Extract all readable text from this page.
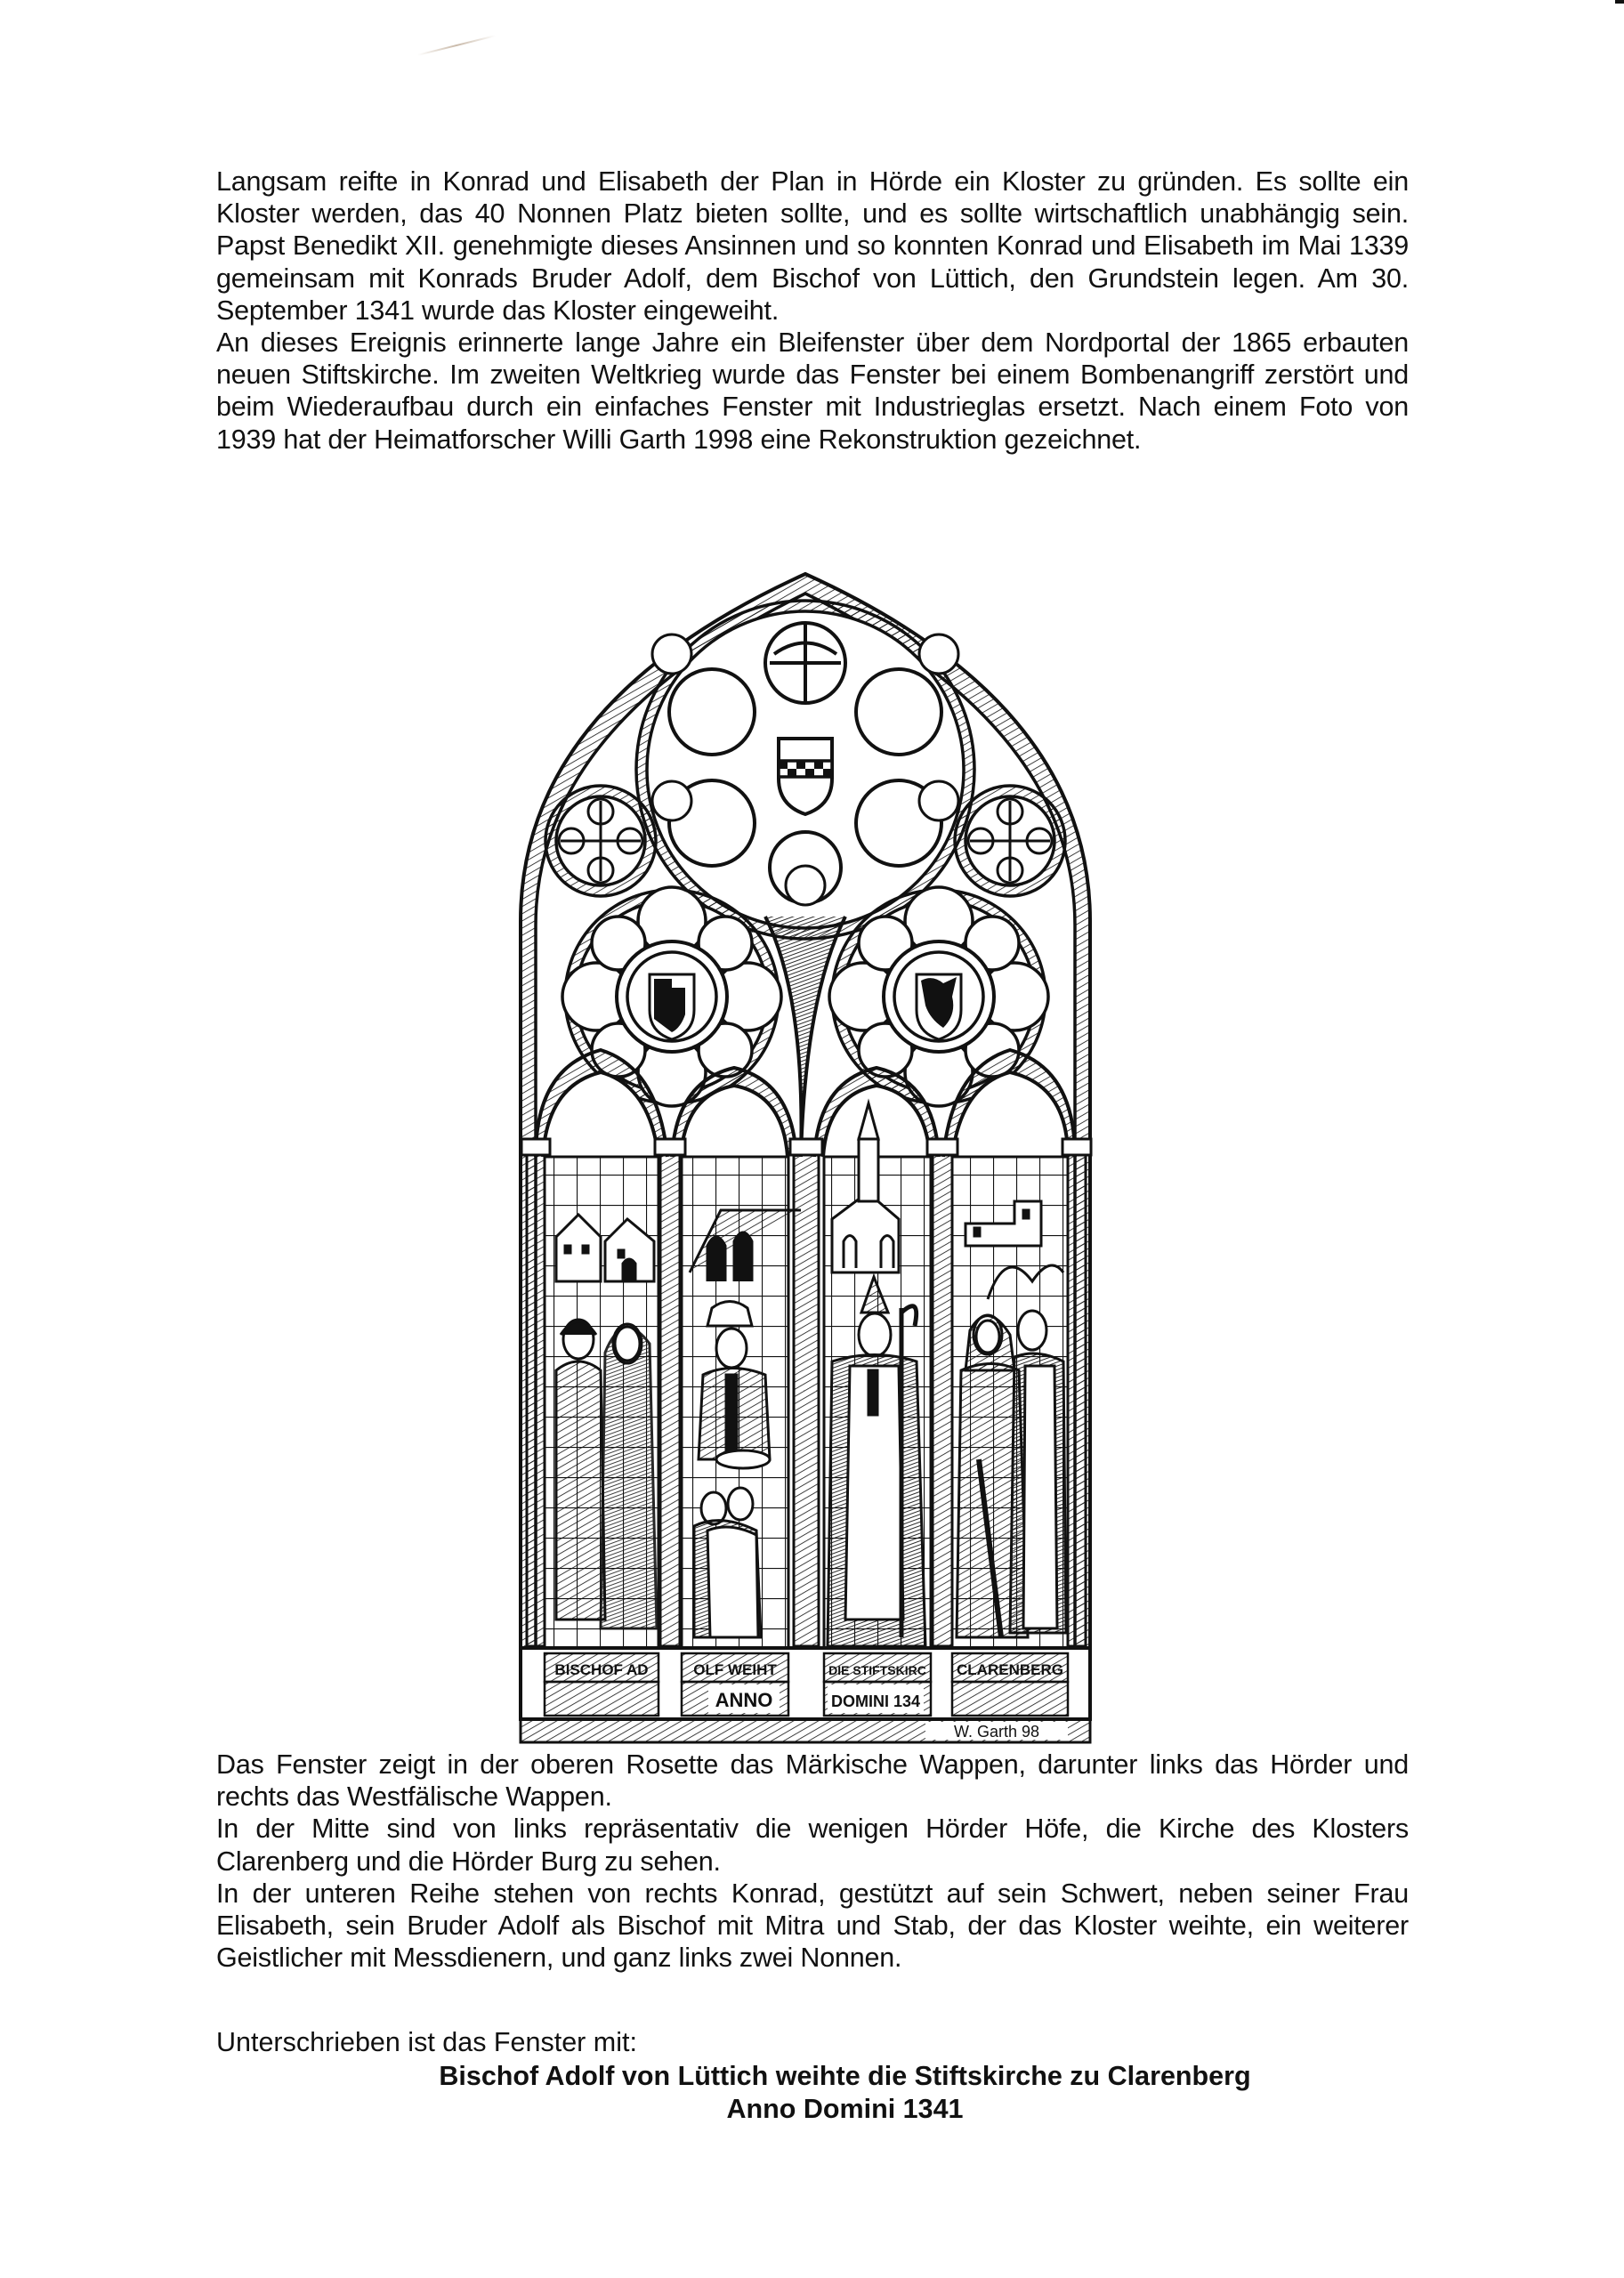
Langsam reifte in Konrad und Elisabeth der Plan in Hörde ein Kloster zu gründen. Es sollte ein Kloster werden, das 40 Nonnen Platz bieten sollte, und es sollte wirtschaftlich unabhängig sein. Papst Benedikt XII. genehmigte dieses Ansinnen und so konnten Konrad und Elisabeth im Mai 1339 gemeinsam mit Konrads Bruder Adolf, dem Bischof von Lüttich, den Grundstein legen. Am 30. September 1341 wurde das Kloster eingeweiht.

An dieses Ereignis erinnerte lange Jahre ein Bleifenster über dem Nordportal der 1865 erbauten neuen Stiftskirche. Im zweiten Weltkrieg wurde das Fenster bei einem Bombenangriff zerstört und beim Wiederaufbau durch ein einfaches Fenster mit Industrieglas ersetzt. Nach einem Foto von 1939 hat der Heimatforscher Willi Garth 1998 eine Rekonstruktion gezeichnet.

BISCHOF AD	OLF WEIHT	DIE STIFTSKIRC CLARENBERG
ANNO	DOMINI 134
W. Garth 98

Das Fenster zeigt in der oberen Rosette das Märkische Wappen, darunter links das Hörder und rechts das Westfälische Wappen.

In der Mitte sind von links repräsentativ die wenigen Hörder Höfe, die Kirche des Klosters Clarenberg und die Hörder Burg zu sehen.

In der unteren Reihe stehen von rechts Konrad, gestützt auf sein Schwert, neben seiner Frau Elisabeth, sein Bruder Adolf als Bischof mit Mitra und Stab, der das Kloster weihte, ein weiterer Geistlicher mit Messdienern, und ganz links zwei Nonnen.

Unterschrieben ist das Fenster mit:
Bischof Adolf von Lüttich weihte die Stiftskirche zu Clarenberg
Anno Domini 1341
